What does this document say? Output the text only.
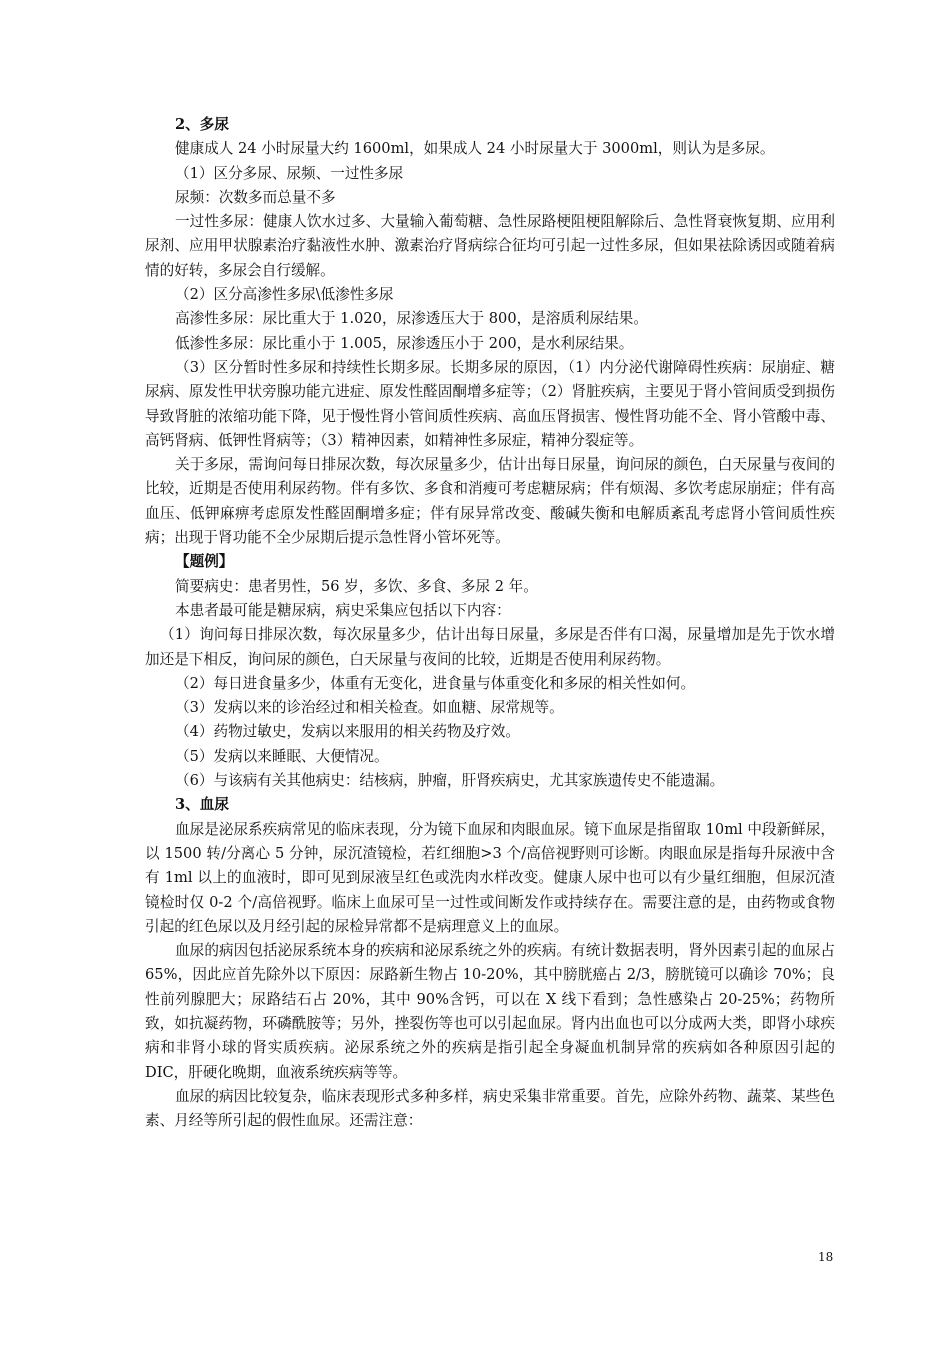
2、多尿

健康成人 24 小时尿量大约 1600ml，如果成人 24 小时尿量大于 3000ml，则认为是多尿。

（1）区分多尿、尿频、一过性多尿

尿频：次数多而总量不多

一过性多尿：健康人饮水过多、大量输入葡萄糖、急性尿路梗阻梗阻解除后、急性肾衰恢复期、应用利尿剂、应用甲状腺素治疗黏液性水肿、激素治疗肾病综合征均可引起一过性多尿，但如果祛除诱因或随着病情的好转，多尿会自行缓解。

（2）区分高渗性多尿\低渗性多尿

高渗性多尿：尿比重大于 1.020，尿渗透压大于 800，是溶质利尿结果。

低渗性多尿：尿比重小于 1.005，尿渗透压小于 200，是水利尿结果。

（3）区分暂时性多尿和持续性长期多尿。长期多尿的原因，（1）内分泌代谢障碍性疾病：尿崩症、糖尿病、原发性甲状旁腺功能亢进症、原发性醛固酮增多症等；（2）肾脏疾病，主要见于肾小管间质受到损伤导致肾脏的浓缩功能下降，见于慢性肾小管间质性疾病、高血压肾损害、慢性肾功能不全、肾小管酸中毒、高钙肾病、低钾性肾病等；（3）精神因素，如精神性多尿症，精神分裂症等。

关于多尿，需询问每日排尿次数，每次尿量多少，估计出每日尿量，询问尿的颜色，白天尿量与夜间的比较，近期是否使用利尿药物。伴有多饮、多食和消瘦可考虑糖尿病；伴有烦渴、多饮考虑尿崩症；伴有高血压、低钾麻痹考虑原发性醛固酮增多症；伴有尿异常改变、酸碱失衡和电解质紊乱考虑肾小管间质性疾病；出现于肾功能不全少尿期后提示急性肾小管坏死等。

【题例】

简要病史：患者男性，56 岁，多饮、多食、多尿 2 年。

本患者最可能是糖尿病，病史采集应包括以下内容：

（1）询问每日排尿次数，每次尿量多少，估计出每日尿量，多尿是否伴有口渴，尿量增加是先于饮水增加还是下相反，询问尿的颜色，白天尿量与夜间的比较，近期是否使用利尿药物。

（2）每日进食量多少，体重有无变化，进食量与体重变化和多尿的相关性如何。

（3）发病以来的诊治经过和相关检查。如血糖、尿常规等。

（4）药物过敏史，发病以来服用的相关药物及疗效。

（5）发病以来睡眠、大便情况。

（6）与该病有关其他病史：结核病，肿瘤，肝肾疾病史，尤其家族遗传史不能遗漏。

3、血尿

血尿是泌尿系疾病常见的临床表现，分为镜下血尿和肉眼血尿。镜下血尿是指留取 10ml 中段新鲜尿，以 1500 转/分离心 5 分钟，尿沉渣镜检，若红细胞>3 个/高倍视野则可诊断。肉眼血尿是指每升尿液中含有 1ml 以上的血液时，即可见到尿液呈红色或洗肉水样改变。健康人尿中也可以有少量红细胞，但尿沉渣镜检时仅 0-2 个/高倍视野。临床上血尿可呈一过性或间断发作或持续存在。需要注意的是，由药物或食物引起的红色尿以及月经引起的尿检异常都不是病理意义上的血尿。

血尿的病因包括泌尿系统本身的疾病和泌尿系统之外的疾病。有统计数据表明，肾外因素引起的血尿占 65%，因此应首先除外以下原因：尿路新生物占 10-20%，其中膀胱癌占 2/3，膀胱镜可以确诊 70%；良性前列腺肥大；尿路结石占 20%，其中 90%含钙，可以在 X 线下看到；急性感染占 20-25%；药物所致，如抗凝药物，环磷酰胺等；另外，挫裂伤等也可以引起血尿。肾内出血也可以分成两大类，即肾小球疾病和非肾小球的肾实质疾病。泌尿系统之外的疾病是指引起全身凝血机制异常的疾病如各种原因引起的 DIC，肝硬化晚期，血液系统疾病等等。

血尿的病因比较复杂，临床表现形式多种多样，病史采集非常重要。首先，应除外药物、蔬菜、某些色素、月经等所引起的假性血尿。还需注意：

18
